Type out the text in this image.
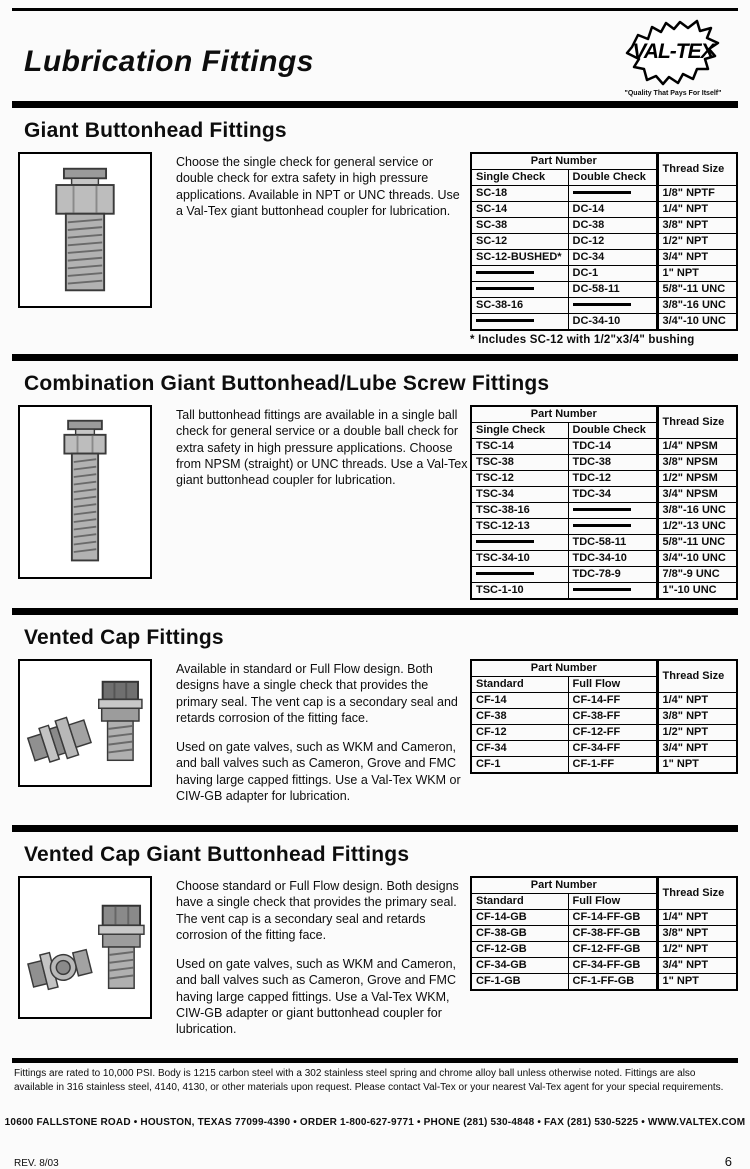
Lubrication Fittings	VAL-TEX
"Quality That Pays For Itself"
Giant Buttonhead Fittings

Choose the single check for general service or double check for extra safety in high pressure applications. Available in NPT or UNC threads. Use a Val-Tex giant buttonhead coupler for lubrication.

Part Number		Thread Size
Single Check	Double Check	
SC-18		1/8" NPTF
SC-14	DC-14	1/4" NPT
SC-38	DC-38	3/8" NPT
SC-12	DC-12	1/2" NPT
SC-12-BUSHED*	DC-34	3/4" NPT
	DC-1	1" NPT
	DC-58-11	5/8"-11 UNC
SC-38-16		3/8"-16 UNC
	DC-34-10	3/4"-10 UNC
* Includes SC-12 with 1/2"x3/4" bushing
Combination Giant Buttonhead/Lube Screw Fittings

Tall buttonhead fittings are available in a single ball check for general service or a double ball check for extra safety in high pressure applications. Choose from NPSM (straight) or UNC threads. Use a Val-Tex giant buttonhead coupler for lubrication.

Part Number		Thread Size
Single Check	Double Check	
TSC-14	TDC-14	1/4" NPSM
TSC-38	TDC-38	3/8" NPSM
TSC-12	TDC-12	1/2" NPSM
TSC-34	TDC-34	3/4" NPSM
TSC-38-16		3/8"-16 UNC
TSC-12-13		1/2"-13 UNC
	TDC-58-11	5/8"-11 UNC
TSC-34-10	TDC-34-10	3/4"-10 UNC
	TDC-78-9	7/8"-9 UNC
TSC-1-10		1"-10 UNC
Vented Cap Fittings

Available in standard or Full Flow design. Both designs have a single check that provides the primary seal. The vent cap is a secondary seal and retards corrosion of the fitting face.

Used on gate valves, such as WKM and Cameron, and ball valves such as Cameron, Grove and FMC having large capped fittings. Use a Val-Tex WKM or CIW-GB adapter for lubrication.

Part Number		Thread Size
Standard	Full Flow	
CF-14	CF-14-FF	1/4" NPT
CF-38	CF-38-FF	3/8" NPT
CF-12	CF-12-FF	1/2" NPT
CF-34	CF-34-FF	3/4" NPT
CF-1	CF-1-FF	1" NPT
Vented Cap Giant Buttonhead Fittings

Choose standard or Full Flow design. Both designs have a single check that provides the primary seal. The vent cap is a secondary seal and retards corrosion of the fitting face.

Used on gate valves, such as WKM and Cameron, and ball valves such as Cameron, Grove and FMC having large capped fittings. Use a Val-Tex WKM, CIW-GB adapter or giant buttonhead coupler for lubrication.

Part Number		Thread Size
Standard	Full Flow	
CF-14-GB	CF-14-FF-GB	1/4" NPT
CF-38-GB	CF-38-FF-GB	3/8" NPT
CF-12-GB	CF-12-FF-GB	1/2" NPT
CF-34-GB	CF-34-FF-GB	3/4" NPT
CF-1-GB	CF-1-FF-GB	1" NPT
Fittings are rated to 10,000 PSI. Body is 1215 carbon steel with a 302 stainless steel spring and chrome alloy ball unless otherwise noted. Fittings are also available in 316 stainless steel, 4140, 4130, or other materials upon request. Please contact Val-Tex or your nearest Val-Tex agent for your special requirements.
10600 FALLSTONE ROAD • HOUSTON, TEXAS 77099-4390 • ORDER 1-800-627-9771 • PHONE (281) 530-4848 • FAX (281) 530-5225 • WWW.VALTEX.COM
REV. 8/03	6
